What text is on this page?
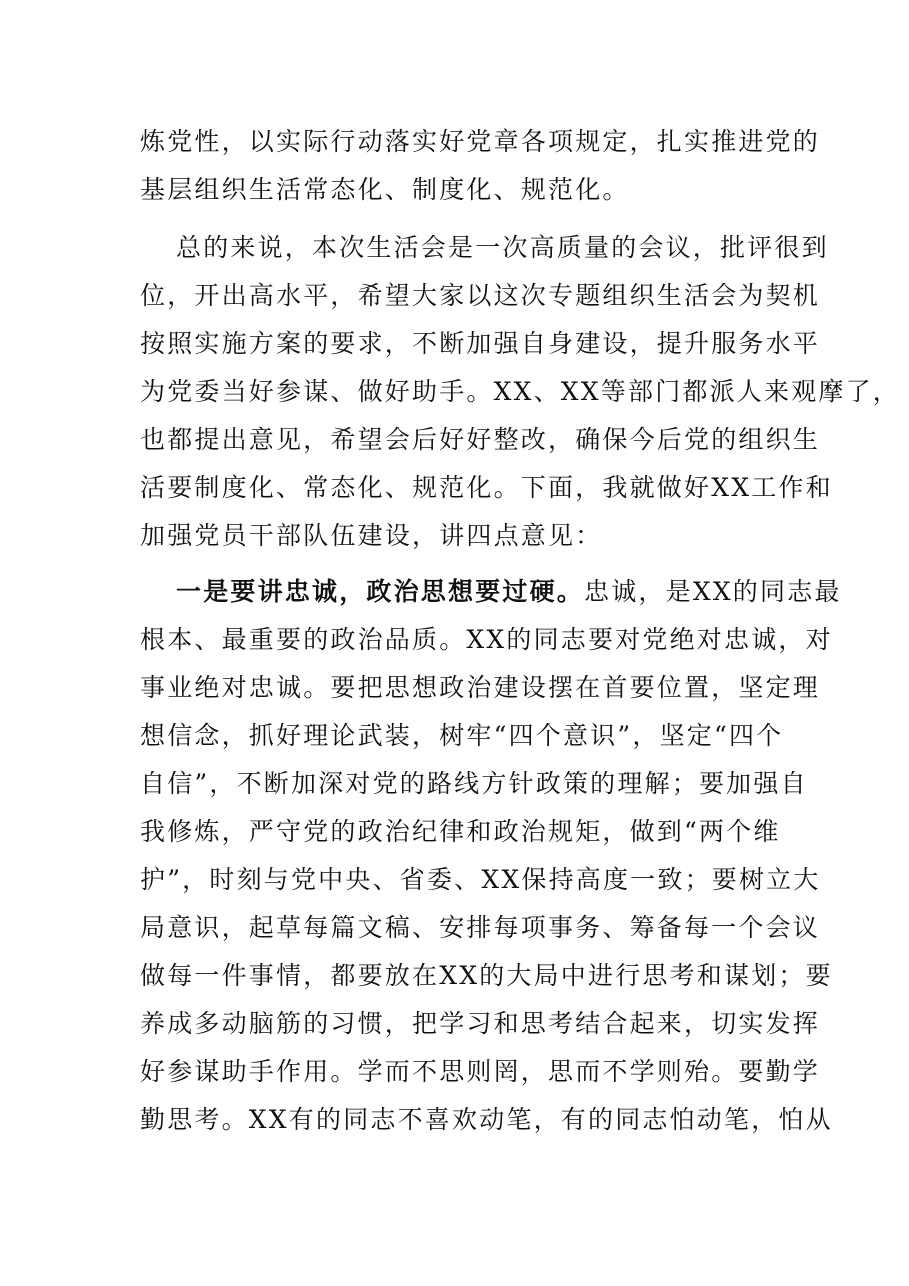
炼党性，以实际行动落实好党章各项规定，扎实推进党的
基层组织生活常态化、制度化、规范化。
总的来说，本次生活会是一次高质量的会议，批评很到
位，开出高水平，希望大家以这次专题组织生活会为契机
按照实施方案的要求，不断加强自身建设，提升服务水平
为党委当好参谋、做好助手。XX、XX等部门都派人来观摩了，
也都提出意见，希望会后好好整改，确保今后党的组织生
活要制度化、常态化、规范化。下面，我就做好XX工作和
加强党员干部队伍建设，讲四点意见：
一是要讲忠诚，政治思想要过硬。忠诚，是XX的同志最
根本、最重要的政治品质。XX的同志要对党绝对忠诚，对
事业绝对忠诚。要把思想政治建设摆在首要位置，坚定理
想信念，抓好理论武装，树牢“四个意识”，坚定“四个
自信”，不断加深对党的路线方针政策的理解；要加强自
我修炼，严守党的政治纪律和政治规矩，做到“两个维
护”，时刻与党中央、省委、XX保持高度一致；要树立大
局意识，起草每篇文稿、安排每项事务、筹备每一个会议
做每一件事情，都要放在XX的大局中进行思考和谋划；要
养成多动脑筋的习惯，把学习和思考结合起来，切实发挥
好参谋助手作用。学而不思则罔，思而不学则殆。要勤学
勤思考。XX有的同志不喜欢动笔，有的同志怕动笔，怕从
